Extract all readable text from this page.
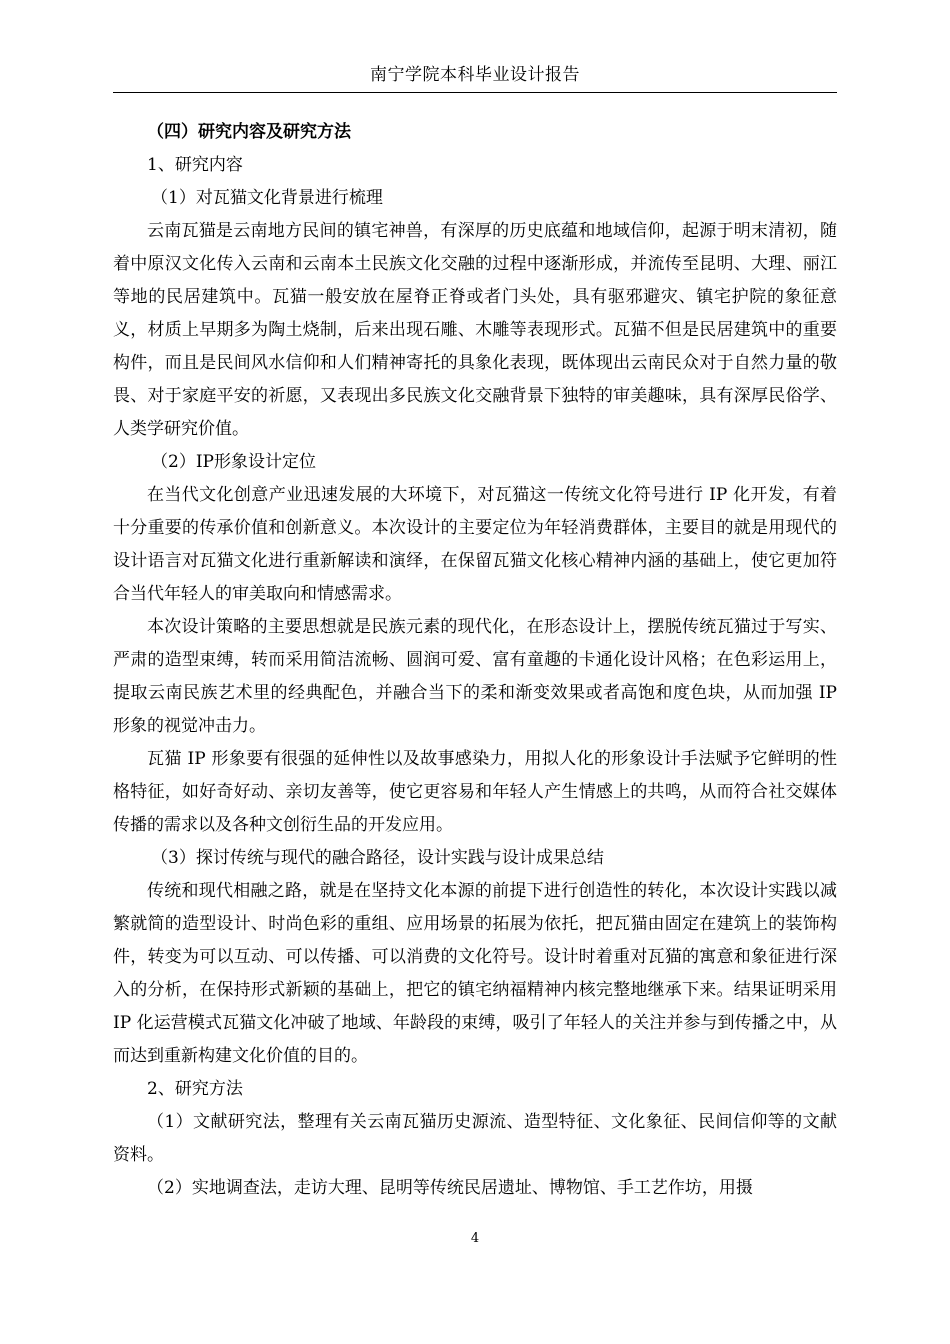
南宁学院本科毕业设计报告

（四）研究内容及研究方法

1、研究内容

（1）对瓦猫文化背景进行梳理

云南瓦猫是云南地方民间的镇宅神兽，有深厚的历史底蕴和地域信仰，起源于明末清初，随着中原汉文化传入云南和云南本土民族文化交融的过程中逐渐形成，并流传至昆明、大理、丽江等地的民居建筑中。瓦猫一般安放在屋脊正脊或者门头处，具有驱邪避灾、镇宅护院的象征意义，材质上早期多为陶土烧制，后来出现石雕、木雕等表现形式。瓦猫不但是民居建筑中的重要构件，而且是民间风水信仰和人们精神寄托的具象化表现，既体现出云南民众对于自然力量的敬畏、对于家庭平安的祈愿，又表现出多民族文化交融背景下独特的审美趣味，具有深厚民俗学、人类学研究价值。

（2）IP形象设计定位

在当代文化创意产业迅速发展的大环境下，对瓦猫这一传统文化符号进行 IP 化开发，有着十分重要的传承价值和创新意义。本次设计的主要定位为年轻消费群体，主要目的就是用现代的设计语言对瓦猫文化进行重新解读和演绎，在保留瓦猫文化核心精神内涵的基础上，使它更加符合当代年轻人的审美取向和情感需求。

本次设计策略的主要思想就是民族元素的现代化，在形态设计上，摆脱传统瓦猫过于写实、严肃的造型束缚，转而采用简洁流畅、圆润可爱、富有童趣的卡通化设计风格；在色彩运用上，提取云南民族艺术里的经典配色，并融合当下的柔和渐变效果或者高饱和度色块，从而加强 IP 形象的视觉冲击力。

瓦猫 IP 形象要有很强的延伸性以及故事感染力，用拟人化的形象设计手法赋予它鲜明的性格特征，如好奇好动、亲切友善等，使它更容易和年轻人产生情感上的共鸣，从而符合社交媒体传播的需求以及各种文创衍生品的开发应用。

（3）探讨传统与现代的融合路径，设计实践与设计成果总结

传统和现代相融之路，就是在坚持文化本源的前提下进行创造性的转化，本次设计实践以减繁就简的造型设计、时尚色彩的重组、应用场景的拓展为依托，把瓦猫由固定在建筑上的装饰构件，转变为可以互动、可以传播、可以消费的文化符号。设计时着重对瓦猫的寓意和象征进行深入的分析，在保持形式新颖的基础上，把它的镇宅纳福精神内核完整地继承下来。结果证明采用 IP 化运营模式瓦猫文化冲破了地域、年龄段的束缚，吸引了年轻人的关注并参与到传播之中，从而达到重新构建文化价值的目的。

2、研究方法

（1）文献研究法，整理有关云南瓦猫历史源流、造型特征、文化象征、民间信仰等的文献资料。

（2）实地调查法，走访大理、昆明等传统民居遗址、博物馆、手工艺作坊，用摄

4
